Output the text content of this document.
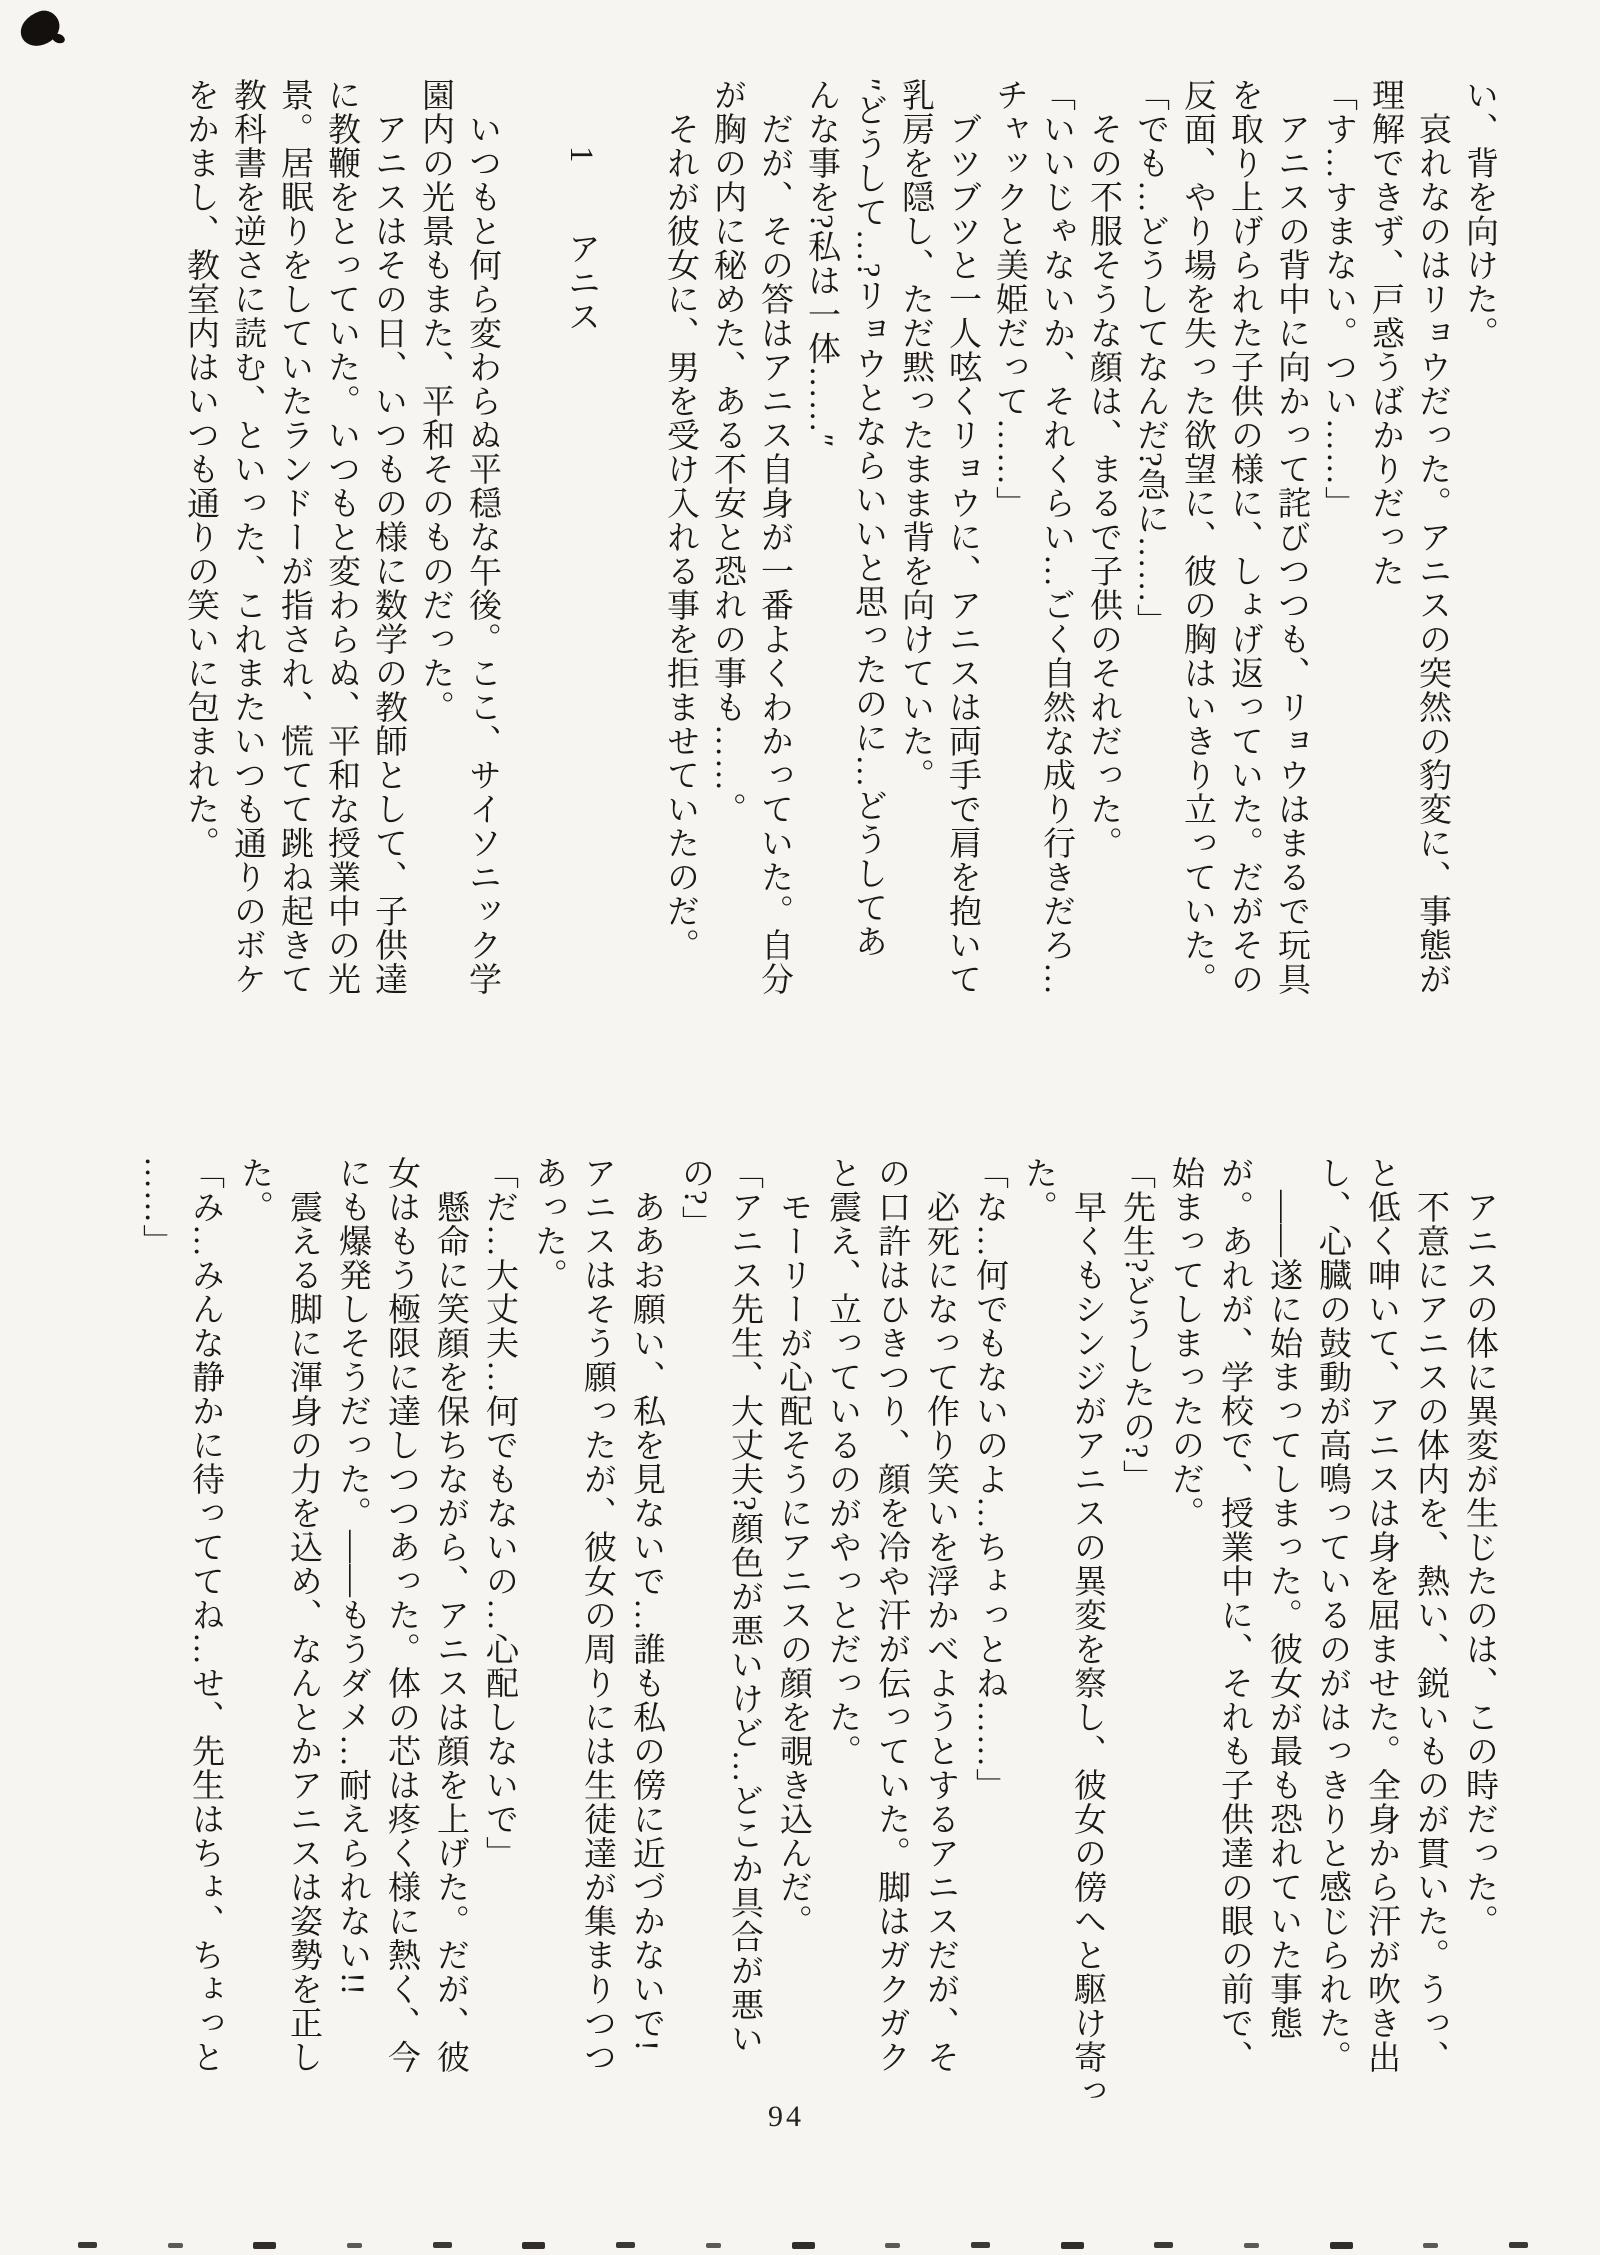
い、背を向けた。
　哀れなのはリョウだった。アニスの突然の豹変に、事態が
理解できず、戸惑うばかりだった
「す…すまない。つい……」
　アニスの背中に向かって詫びつつも、リョウはまるで玩具
を取り上げられた子供の様に、しょげ返っていた。だがその
反面、やり場を失った欲望に、彼の胸はいきり立っていた。
「でも…どうしてなんだ?急に……」
　その不服そうな顔は、まるで子供のそれだった。
「いいじゃないか、それくらい…ごく自然な成り行きだろ…
チャックと美姫だって……」
　ブツブツと一人呟くリョウに、アニスは両手で肩を抱いて
乳房を隠し、ただ黙ったまま背を向けていた。
″どうして…?リョウとならいいと思ったのに…どうしてあ
んな事を?私は一体……″
　だが、その答はアニス自身が一番よくわかっていた。自分
が胸の内に秘めた、ある不安と恐れの事も……。
　それが彼女に、男を受け入れる事を拒ませていたのだ。
　　1　　アニス
　いつもと何ら変わらぬ平穏な午後。ここ、サイソニック学
園内の光景もまた、平和そのものだった。
　アニスはその日、いつもの様に数学の教師として、子供達
に教鞭をとっていた。いつもと変わらぬ、平和な授業中の光
景。居眠りをしていたランドーが指され、慌てて跳ね起きて
教科書を逆さに読む、といった、これまたいつも通りのボケ
をかまし、教室内はいつも通りの笑いに包まれた。
　アニスの体に異変が生じたのは、この時だった。
　不意にアニスの体内を、熱い、鋭いものが貫いた。うっ、
と低く呻いて、アニスは身を屈ませた。全身から汗が吹き出
し、心臓の鼓動が高鳴っているのがはっきりと感じられた。
　――遂に始まってしまった。彼女が最も恐れていた事態
が。あれが、学校で、授業中に、それも子供達の眼の前で、
始まってしまったのだ。
「先生?どうしたの?」
　早くもシンジがアニスの異変を察し、彼女の傍へと駆け寄っ
た。
「な…何でもないのよ…ちょっとね……」
　必死になって作り笑いを浮かべようとするアニスだが、そ
の口許はひきつり、顔を冷や汗が伝っていた。脚はガクガク
と震え、立っているのがやっとだった。
　モーリーが心配そうにアニスの顔を覗き込んだ。
「アニス先生、大丈夫?顔色が悪いけど…どこか具合が悪い
の?」
　ああお願い、私を見ないで…誰も私の傍に近づかないで!
アニスはそう願ったが、彼女の周りには生徒達が集まりつつ
あった。
「だ…大丈夫…何でもないの…心配しないで」
　懸命に笑顔を保ちながら、アニスは顔を上げた。だが、彼
女はもう極限に達しつつあった。体の芯は疼く様に熱く、今
にも爆発しそうだった。――もうダメ…耐えられない!!
　震える脚に渾身の力を込め、なんとかアニスは姿勢を正し
た。
「み…みんな静かに待っててね…せ、先生はちょ、ちょっと
……」
94
